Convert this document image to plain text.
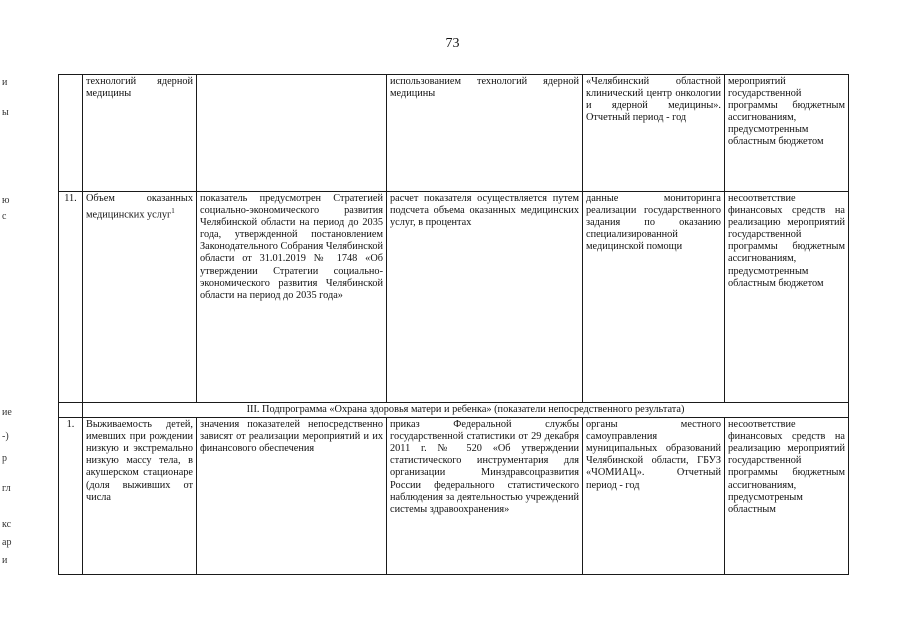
73
и
ы
ю
с
ие
-)
р
гл
кс
ар
и
	технологий ядерной медицины		использованием технологий ядерной медицины	«Челябинский областной клинический центр онкологии и ядерной медицины». Отчетный период - год	мероприятий государственной программы бюджетным ассигнованиям, предусмотренным областным бюджетом
11.	Объем оказанных медицинских услуг$^1$	показатель предусмотрен Стратегией социально-экономического развития Челябинской области на период до 2035 года, утвержденной постановлением Законодательного Собрания Челябинской области от 31.01.2019 № 1748 «Об утверждении Стратегии социально-экономического развития Челябинской области на период до 2035 года»	расчет показателя осуществляется путем подсчета объема оказанных медицинских услуг, в процентах	данные мониторинга реализации государственного задания по оказанию специализированной медицинской помощи	несоответствие финансовых средств на реализацию мероприятий государственной программы бюджетным ассигнованиям, предусмотренным областным бюджетом
	III. Подпрограмма «Охрана здоровья матери и ребенка» (показатели непосредственного результата)				
1.	Выживаемость детей, имевших при рождении низкую и экстремально низкую массу тела, в акушерском стационаре (доля выживших от числа	значения показателей непосредственно зависят от реализации мероприятий и их финансового обеспечения	приказ Федеральной службы государственной статистики от 29 декабря 2011 г. № 520 «Об утверждении статистического инструментария для организации Минздравсоцразвития России федерального статистического наблюдения за деятельностью учреждений системы здравоохранения»	органы местного самоуправления муниципальных образований Челябинской области, ГБУЗ «ЧОМИАЦ». Отчетный период - год	несоответствие финансовых средств на реализацию мероприятий государственной программы бюджетным ассигнованиям, предусмотреным областным
